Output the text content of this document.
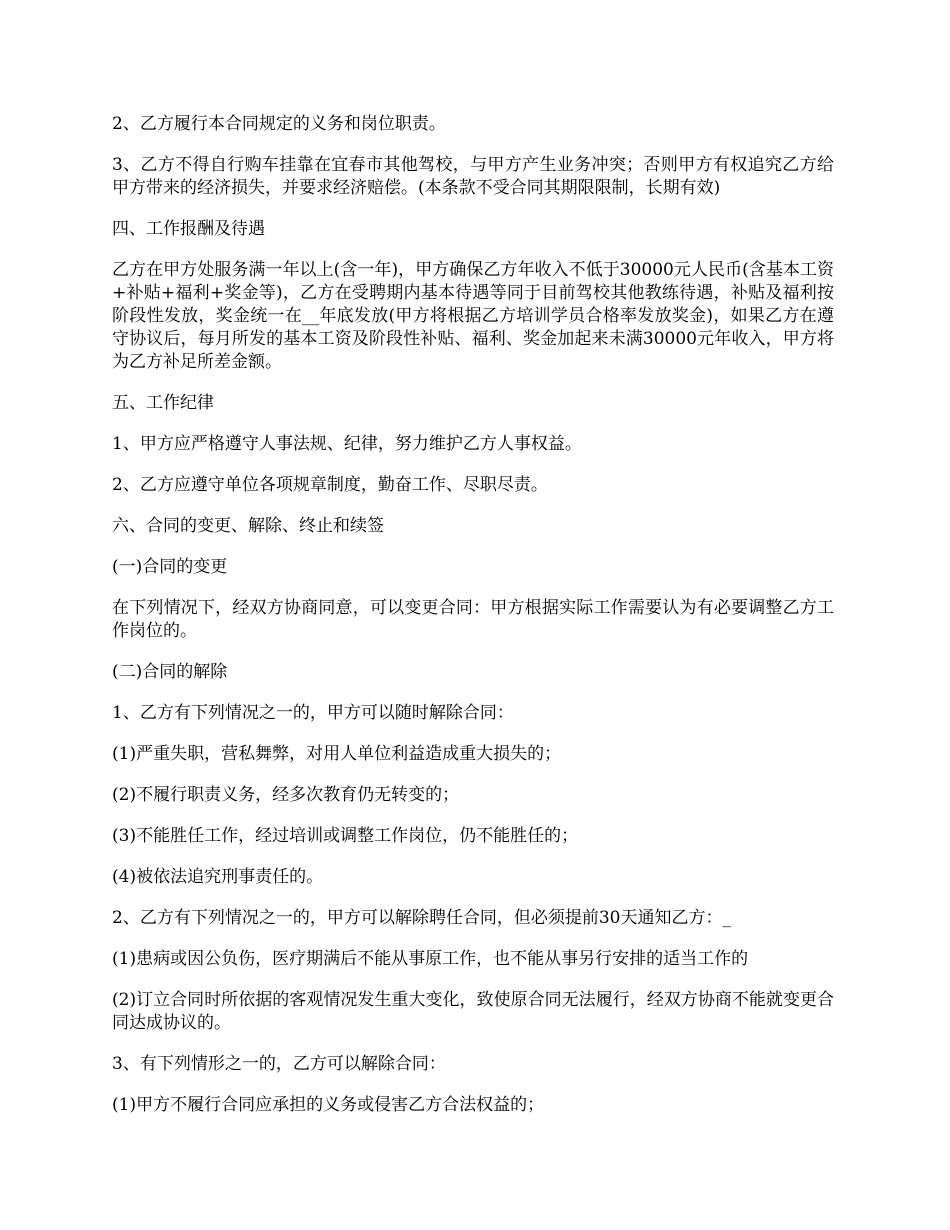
2、乙方履行本合同规定的义务和岗位职责。

3、乙方不得自行购车挂靠在宜春市其他驾校，与甲方产生业务冲突；否则甲方有权追究乙方给甲方带来的经济损失，并要求经济赔偿。(本条款不受合同其期限限制，长期有效)

四、工作报酬及待遇

乙方在甲方处服务满一年以上(含一年)，甲方确保乙方年收入不低于30000元人民币(含基本工资+补贴+福利+奖金等)，乙方在受聘期内基本待遇等同于目前驾校其他教练待遇，补贴及福利按阶段性发放，奖金统一在__年底发放(甲方将根据乙方培训学员合格率发放奖金)，如果乙方在遵守协议后，每月所发的基本工资及阶段性补贴、福利、奖金加起来未满30000元年收入，甲方将为乙方补足所差金额。

五、工作纪律

1、甲方应严格遵守人事法规、纪律，努力维护乙方人事权益。

2、乙方应遵守单位各项规章制度，勤奋工作、尽职尽责。

六、合同的变更、解除、终止和续签

(一)合同的变更

在下列情况下，经双方协商同意，可以变更合同：甲方根据实际工作需要认为有必要调整乙方工作岗位的。

(二)合同的解除

1、乙方有下列情况之一的，甲方可以随时解除合同：

(1)严重失职，营私舞弊，对用人单位利益造成重大损失的；

(2)不履行职责义务，经多次教育仍无转变的；

(3)不能胜任工作，经过培训或调整工作岗位，仍不能胜任的；

(4)被依法追究刑事责任的。

2、乙方有下列情况之一的，甲方可以解除聘任合同，但必须提前30天通知乙方：_

(1)患病或因公负伤，医疗期满后不能从事原工作，也不能从事另行安排的适当工作的

(2)订立合同时所依据的客观情况发生重大变化，致使原合同无法履行，经双方协商不能就变更合同达成协议的。

3、有下列情形之一的，乙方可以解除合同：

(1)甲方不履行合同应承担的义务或侵害乙方合法权益的；
